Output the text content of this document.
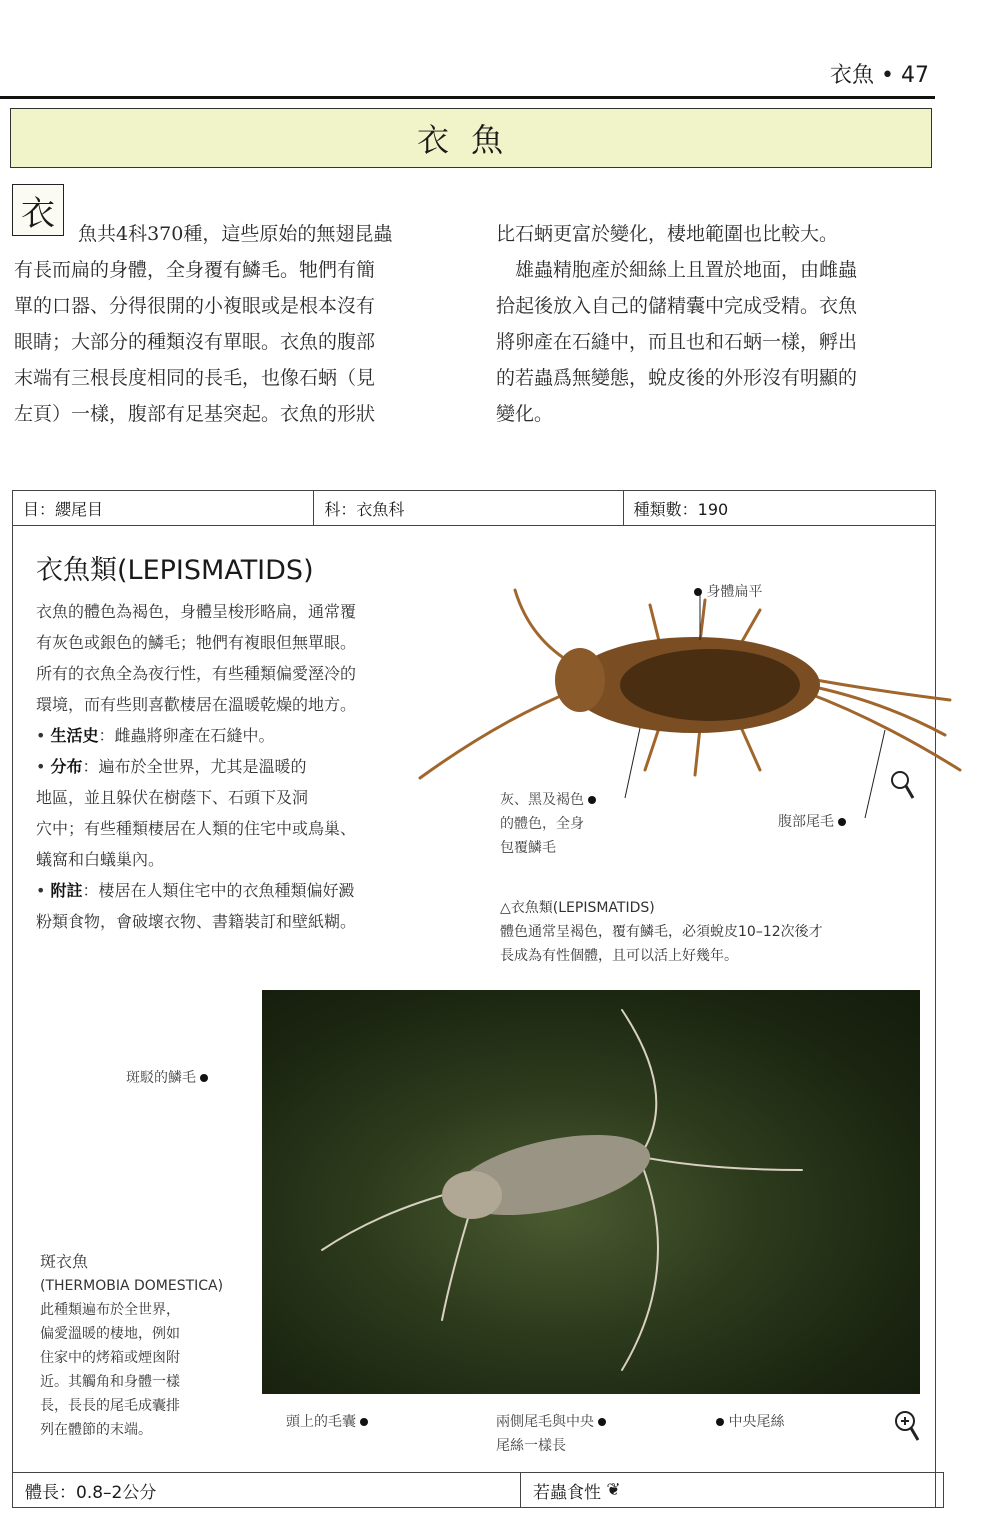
衣魚 • 47
衣魚
衣
魚共4科370種，這些原始的無翅昆蟲
有長而扁的身體，全身覆有鱗毛。牠們有簡
單的口器、分得很開的小複眼或是根本沒有
眼睛；大部分的種類沒有單眼。衣魚的腹部
末端有三根長度相同的長毛，也像石蛃（見
左頁）一樣，腹部有足基突起。衣魚的形狀
比石蛃更富於變化，棲地範圍也比較大。
　雄蟲精胞產於細絲上且置於地面，由雌蟲
拾起後放入自己的儲精囊中完成受精。衣魚
將卵產在石縫中，而且也和石蛃一樣，孵出
的若蟲爲無變態，蛻皮後的外形沒有明顯的
變化。
目：纓尾目	科：衣魚科	種類數：190
衣魚類(LEPISMATIDS)
衣魚的體色為褐色，身體呈梭形略扁，通常覆
有灰色或銀色的鱗毛；牠們有複眼但無單眼。
所有的衣魚全為夜行性，有些種類偏愛溼冷的
環境，而有些則喜歡棲居在溫暖乾燥的地方。
• 生活史：雌蟲將卵產在石縫中。
• 分布：遍布於全世界，尤其是溫暖的
地區，並且躲伏在樹蔭下、石頭下及洞
穴中；有些種類棲居在人類的住宅中或鳥巢、
蟻窩和白蟻巢內。
• 附註：棲居在人類住宅中的衣魚種類偏好澱
粉類食物，會破壞衣物、書籍裝訂和壁紙糊。
身體扁平
灰、黑及褐色
的體色，全身
包覆鱗毛
腹部尾毛
△衣魚類(LEPISMATIDS)
體色通常呈褐色，覆有鱗毛，必須蛻皮10–12次後才
長成為有性個體，且可以活上好幾年。
斑駁的鱗毛
斑衣魚
(THERMOBIA DOMESTICA)
此種類遍布於全世界，
偏愛溫暖的棲地，例如
住家中的烤箱或煙囪附
近。其觸角和身體一樣
長，長長的尾毛成囊排
列在體節的末端。	頭上的毛囊	兩側尾毛與中央
尾絲一樣長
中央尾絲
體長：0.8–2公分	若蟲食性
❦
